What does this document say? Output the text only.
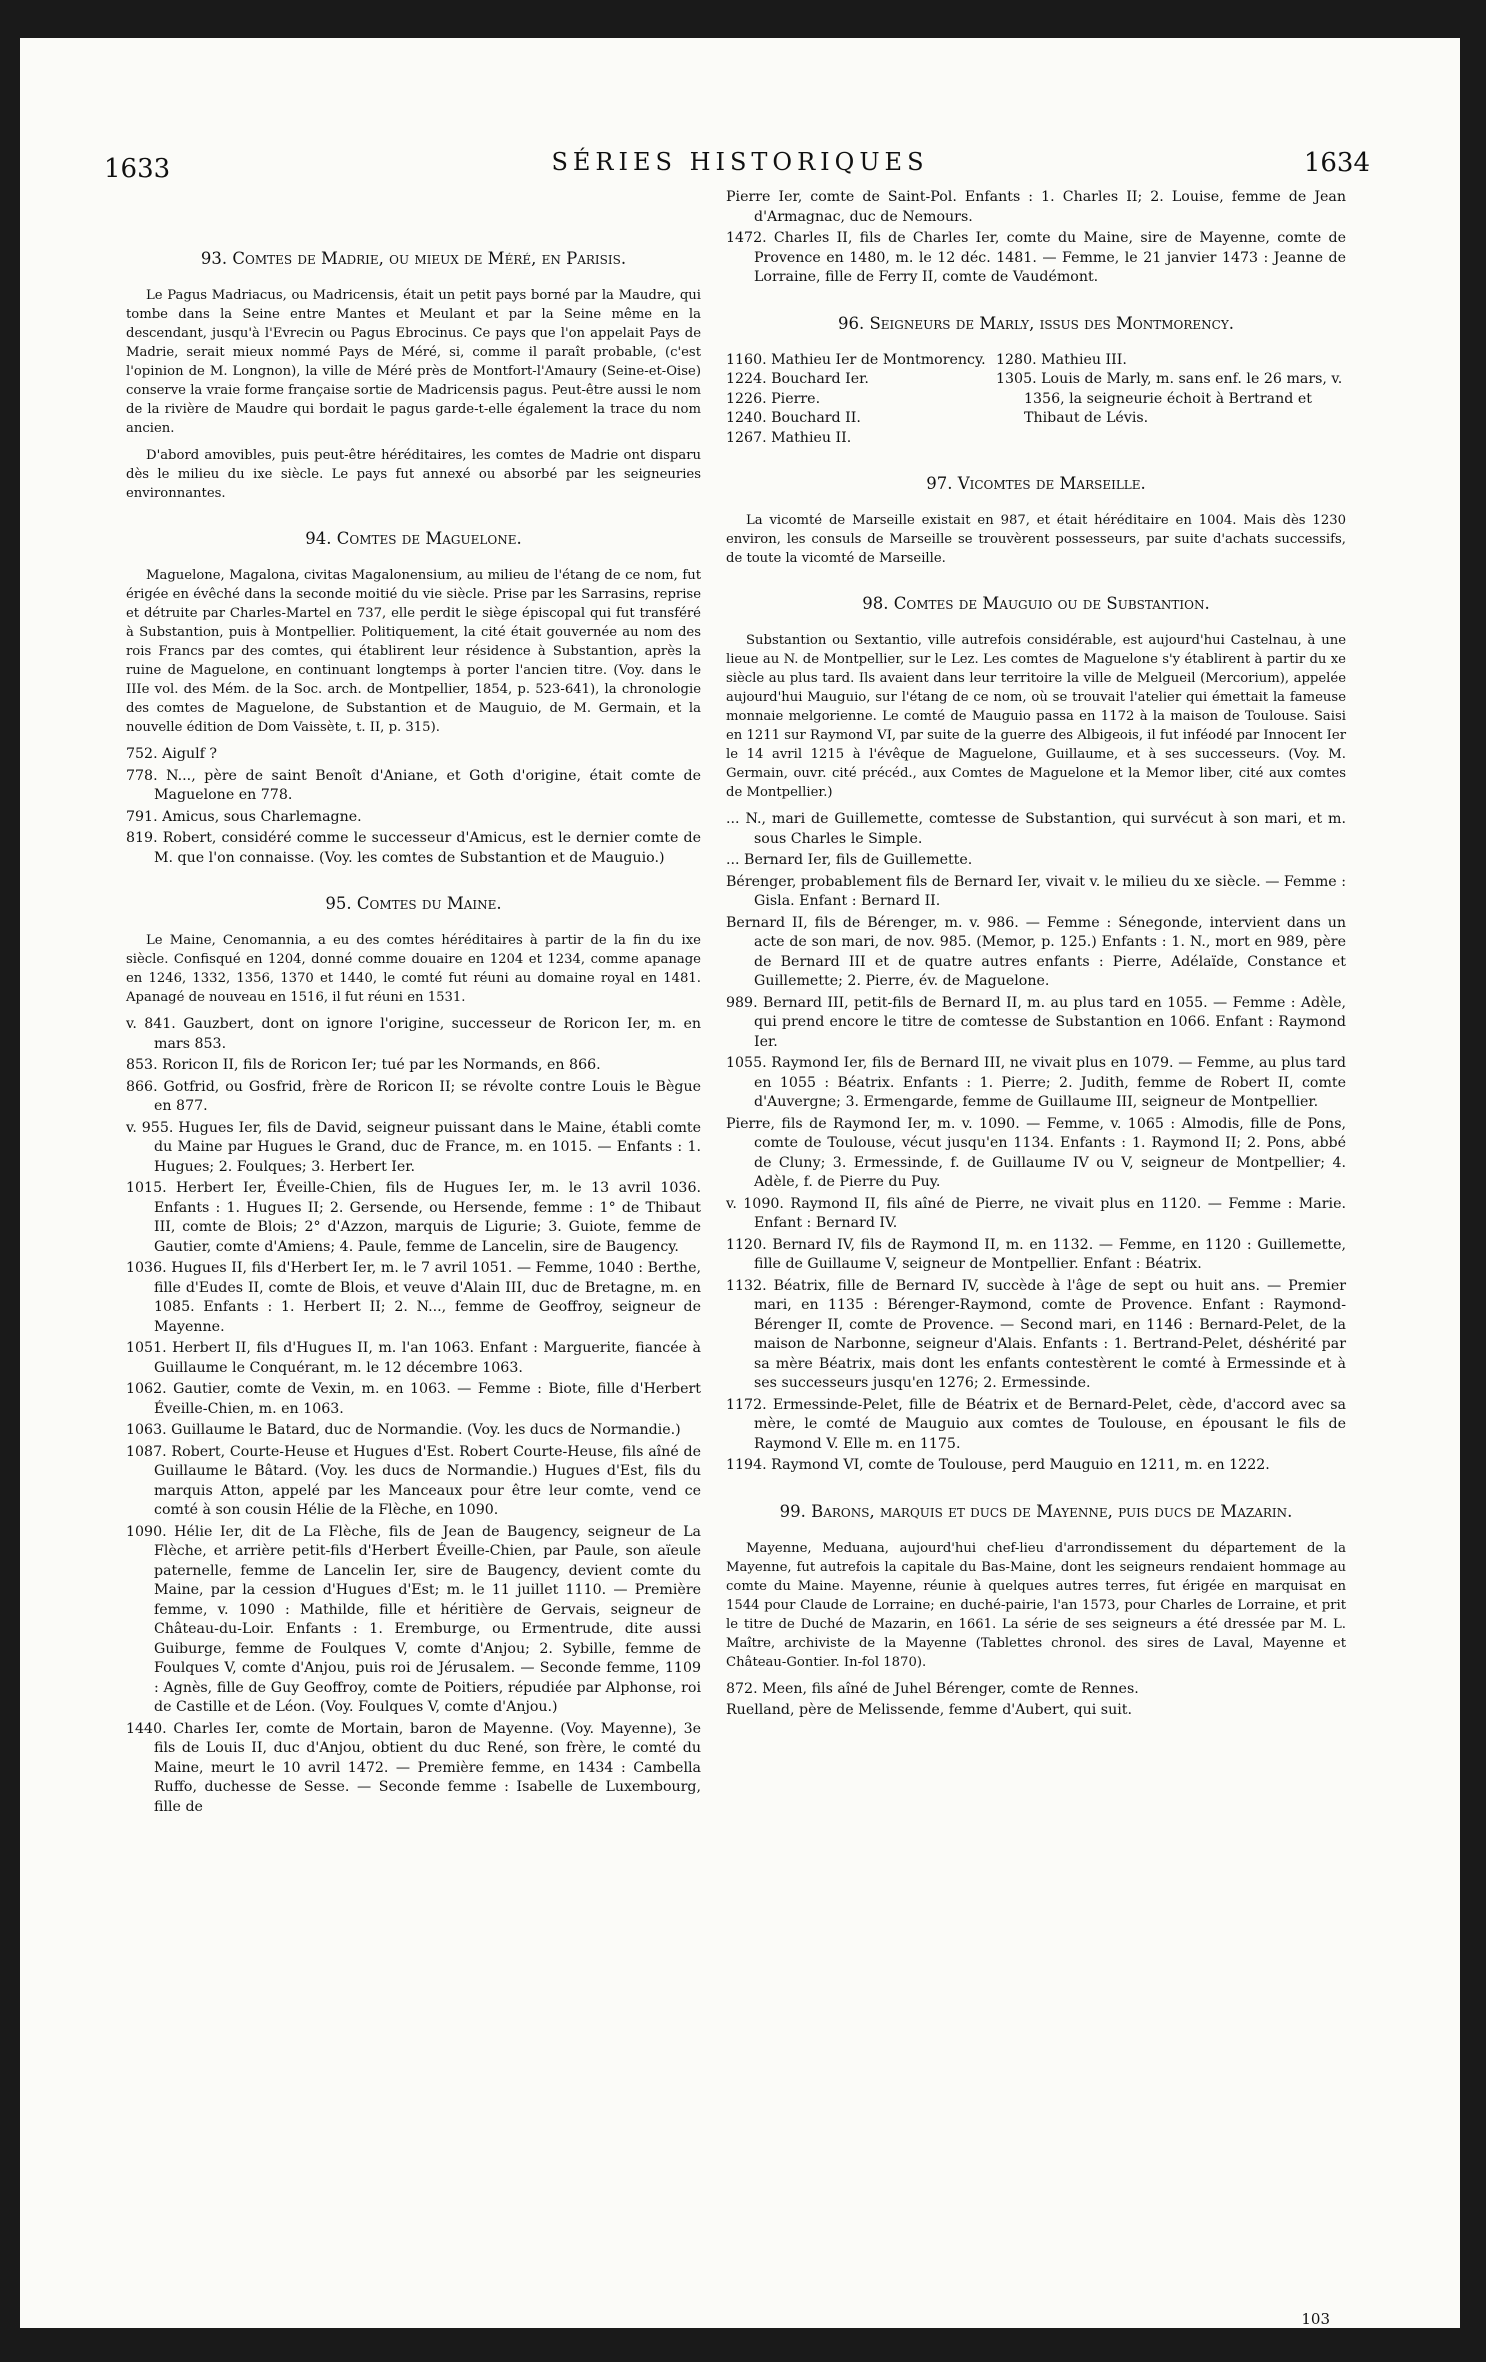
1633	SÉRIES HISTORIQUES	1634
93. Comtes de Madrie, ou mieux de Méré, en Parisis.

Le Pagus Madriacus, ou Madricensis, était un petit pays borné par la Maudre, qui tombe dans la Seine entre Mantes et Meulant et par la Seine même en la descendant, jusqu'à l'Evrecin ou Pagus Ebrocinus. Ce pays que l'on appelait Pays de Madrie, serait mieux nommé Pays de Méré, si, comme il paraît probable, (c'est l'opinion de M. Longnon), la ville de Méré près de Montfort-l'Amaury (Seine-et-Oise) conserve la vraie forme française sortie de Madricensis pagus. Peut-être aussi le nom de la rivière de Maudre qui bordait le pagus garde-t-elle également la trace du nom ancien.

D'abord amovibles, puis peut-être héréditaires, les comtes de Madrie ont disparu dès le milieu du ixe siècle. Le pays fut annexé ou absorbé par les seigneuries environnantes.

94. Comtes de Maguelone.

Maguelone, Magalona, civitas Magalonensium, au milieu de l'étang de ce nom, fut érigée en évêché dans la seconde moitié du vie siècle. Prise par les Sarrasins, reprise et détruite par Charles-Martel en 737, elle perdit le siège épiscopal qui fut transféré à Substantion, puis à Montpellier. Politiquement, la cité était gouvernée au nom des rois Francs par des comtes, qui établirent leur résidence à Substantion, après la ruine de Maguelone, en continuant longtemps à porter l'ancien titre. (Voy. dans le IIIe vol. des Mém. de la Soc. arch. de Montpellier, 1854, p. 523-641), la chronologie des comtes de Maguelone, de Substantion et de Mauguio, de M. Germain, et la nouvelle édition de Dom Vaissète, t. II, p. 315).

752. Aigulf ?

778. N..., père de saint Benoît d'Aniane, et Goth d'origine, était comte de Maguelone en 778.

791. Amicus, sous Charlemagne.

819. Robert, considéré comme le successeur d'Amicus, est le dernier comte de M. que l'on connaisse. (Voy. les comtes de Substantion et de Mauguio.)

95. Comtes du Maine.

Le Maine, Cenomannia, a eu des comtes héréditaires à partir de la fin du ixe siècle. Confisqué en 1204, donné comme douaire en 1204 et 1234, comme apanage en 1246, 1332, 1356, 1370 et 1440, le comté fut réuni au domaine royal en 1481. Apanagé de nouveau en 1516, il fut réuni en 1531.

v. 841. Gauzbert, dont on ignore l'origine, successeur de Roricon Ier, m. en mars 853.

853. Roricon II, fils de Roricon Ier; tué par les Normands, en 866.

866. Gotfrid, ou Gosfrid, frère de Roricon II; se révolte contre Louis le Bègue en 877.

v. 955. Hugues Ier, fils de David, seigneur puissant dans le Maine, établi comte du Maine par Hugues le Grand, duc de France, m. en 1015. — Enfants : 1. Hugues; 2. Foulques; 3. Herbert Ier.

1015. Herbert Ier, Éveille-Chien, fils de Hugues Ier, m. le 13 avril 1036. Enfants : 1. Hugues II; 2. Gersende, ou Hersende, femme : 1° de Thibaut III, comte de Blois; 2° d'Azzon, marquis de Ligurie; 3. Guiote, femme de Gautier, comte d'Amiens; 4. Paule, femme de Lancelin, sire de Baugency.

1036. Hugues II, fils d'Herbert Ier, m. le 7 avril 1051. — Femme, 1040 : Berthe, fille d'Eudes II, comte de Blois, et veuve d'Alain III, duc de Bretagne, m. en 1085. Enfants : 1. Herbert II; 2. N..., femme de Geoffroy, seigneur de Mayenne.

1051. Herbert II, fils d'Hugues II, m. l'an 1063. Enfant : Marguerite, fiancée à Guillaume le Conquérant, m. le 12 décembre 1063.

1062. Gautier, comte de Vexin, m. en 1063. — Femme : Biote, fille d'Herbert Éveille-Chien, m. en 1063.

1063. Guillaume le Batard, duc de Normandie. (Voy. les ducs de Normandie.)

1087. Robert, Courte-Heuse et Hugues d'Est. Robert Courte-Heuse, fils aîné de Guillaume le Bâtard. (Voy. les ducs de Normandie.) Hugues d'Est, fils du marquis Atton, appelé par les Manceaux pour être leur comte, vend ce comté à son cousin Hélie de la Flèche, en 1090.

1090. Hélie Ier, dit de La Flèche, fils de Jean de Baugency, seigneur de La Flèche, et arrière petit-fils d'Herbert Éveille-Chien, par Paule, son aïeule paternelle, femme de Lancelin Ier, sire de Baugency, devient comte du Maine, par la cession d'Hugues d'Est; m. le 11 juillet 1110. — Première femme, v. 1090 : Mathilde, fille et héritière de Gervais, seigneur de Château-du-Loir. Enfants : 1. Eremburge, ou Ermentrude, dite aussi Guiburge, femme de Foulques V, comte d'Anjou; 2. Sybille, femme de Foulques V, comte d'Anjou, puis roi de Jérusalem. — Seconde femme, 1109 : Agnès, fille de Guy Geoffroy, comte de Poitiers, répudiée par Alphonse, roi de Castille et de Léon. (Voy. Foulques V, comte d'Anjou.)

1440. Charles Ier, comte de Mortain, baron de Mayenne. (Voy. Mayenne), 3e fils de Louis II, duc d'Anjou, obtient du duc René, son frère, le comté du Maine, meurt le 10 avril 1472. — Première femme, en 1434 : Cambella Ruffo, duchesse de Sesse. — Seconde femme : Isabelle de Luxembourg, fille de

Pierre Ier, comte de Saint-Pol. Enfants : 1. Charles II; 2. Louise, femme de Jean d'Armagnac, duc de Nemours.

1472. Charles II, fils de Charles Ier, comte du Maine, sire de Mayenne, comte de Provence en 1480, m. le 12 déc. 1481. — Femme, le 21 janvier 1473 : Jeanne de Lorraine, fille de Ferry II, comte de Vaudémont.

96. Seigneurs de Marly, issus des Montmorency.
1160. Mathieu Ier de Montmorency.
1224. Bouchard Ier.
1226. Pierre.
1240. Bouchard II.
1267. Mathieu II.
1280. Mathieu III.
1305. Louis de Marly, m. sans enf. le 26 mars, v. 1356, la seigneurie échoit à Bertrand et Thibaut de Lévis.
97. Vicomtes de Marseille.

La vicomté de Marseille existait en 987, et était héréditaire en 1004. Mais dès 1230 environ, les consuls de Marseille se trouvèrent possesseurs, par suite d'achats successifs, de toute la vicomté de Marseille.

98. Comtes de Mauguio ou de Substantion.

Substantion ou Sextantio, ville autrefois considérable, est aujourd'hui Castelnau, à une lieue au N. de Montpellier, sur le Lez. Les comtes de Maguelone s'y établirent à partir du xe siècle au plus tard. Ils avaient dans leur territoire la ville de Melgueil (Mercorium), appelée aujourd'hui Mauguio, sur l'étang de ce nom, où se trouvait l'atelier qui émettait la fameuse monnaie melgorienne. Le comté de Mauguio passa en 1172 à la maison de Toulouse. Saisi en 1211 sur Raymond VI, par suite de la guerre des Albigeois, il fut inféodé par Innocent Ier le 14 avril 1215 à l'évêque de Maguelone, Guillaume, et à ses successeurs. (Voy. M. Germain, ouvr. cité précéd., aux Comtes de Maguelone et la Memor liber, cité aux comtes de Montpellier.)

... N., mari de Guillemette, comtesse de Substantion, qui survécut à son mari, et m. sous Charles le Simple.

... Bernard Ier, fils de Guillemette.

Bérenger, probablement fils de Bernard Ier, vivait v. le milieu du xe siècle. — Femme : Gisla. Enfant : Bernard II.

Bernard II, fils de Bérenger, m. v. 986. — Femme : Sénegonde, intervient dans un acte de son mari, de nov. 985. (Memor, p. 125.) Enfants : 1. N., mort en 989, père de Bernard III et de quatre autres enfants : Pierre, Adélaïde, Constance et Guillemette; 2. Pierre, év. de Maguelone.

989. Bernard III, petit-fils de Bernard II, m. au plus tard en 1055. — Femme : Adèle, qui prend encore le titre de comtesse de Substantion en 1066. Enfant : Raymond Ier.

1055. Raymond Ier, fils de Bernard III, ne vivait plus en 1079. — Femme, au plus tard en 1055 : Béatrix. Enfants : 1. Pierre; 2. Judith, femme de Robert II, comte d'Auvergne; 3. Ermengarde, femme de Guillaume III, seigneur de Montpellier.

Pierre, fils de Raymond Ier, m. v. 1090. — Femme, v. 1065 : Almodis, fille de Pons, comte de Toulouse, vécut jusqu'en 1134. Enfants : 1. Raymond II; 2. Pons, abbé de Cluny; 3. Ermessinde, f. de Guillaume IV ou V, seigneur de Montpellier; 4. Adèle, f. de Pierre du Puy.

v. 1090. Raymond II, fils aîné de Pierre, ne vivait plus en 1120. — Femme : Marie. Enfant : Bernard IV.

1120. Bernard IV, fils de Raymond II, m. en 1132. — Femme, en 1120 : Guillemette, fille de Guillaume V, seigneur de Montpellier. Enfant : Béatrix.

1132. Béatrix, fille de Bernard IV, succède à l'âge de sept ou huit ans. — Premier mari, en 1135 : Bérenger-Raymond, comte de Provence. Enfant : Raymond-Bérenger II, comte de Provence. — Second mari, en 1146 : Bernard-Pelet, de la maison de Narbonne, seigneur d'Alais. Enfants : 1. Bertrand-Pelet, déshérité par sa mère Béatrix, mais dont les enfants contestèrent le comté à Ermessinde et à ses successeurs jusqu'en 1276; 2. Ermessinde.

1172. Ermessinde-Pelet, fille de Béatrix et de Bernard-Pelet, cède, d'accord avec sa mère, le comté de Mauguio aux comtes de Toulouse, en épousant le fils de Raymond V. Elle m. en 1175.

1194. Raymond VI, comte de Toulouse, perd Mauguio en 1211, m. en 1222.

99. Barons, marquis et ducs de Mayenne, puis ducs de Mazarin.

Mayenne, Meduana, aujourd'hui chef-lieu d'arrondissement du département de la Mayenne, fut autrefois la capitale du Bas-Maine, dont les seigneurs rendaient hommage au comte du Maine. Mayenne, réunie à quelques autres terres, fut érigée en marquisat en 1544 pour Claude de Lorraine; en duché-pairie, l'an 1573, pour Charles de Lorraine, et prit le titre de Duché de Mazarin, en 1661. La série de ses seigneurs a été dressée par M. L. Maître, archiviste de la Mayenne (Tablettes chronol. des sires de Laval, Mayenne et Château-Gontier. In-fol 1870).

872. Meen, fils aîné de Juhel Bérenger, comte de Rennes.

Ruelland, père de Melissende, femme d'Aubert, qui suit.

103
